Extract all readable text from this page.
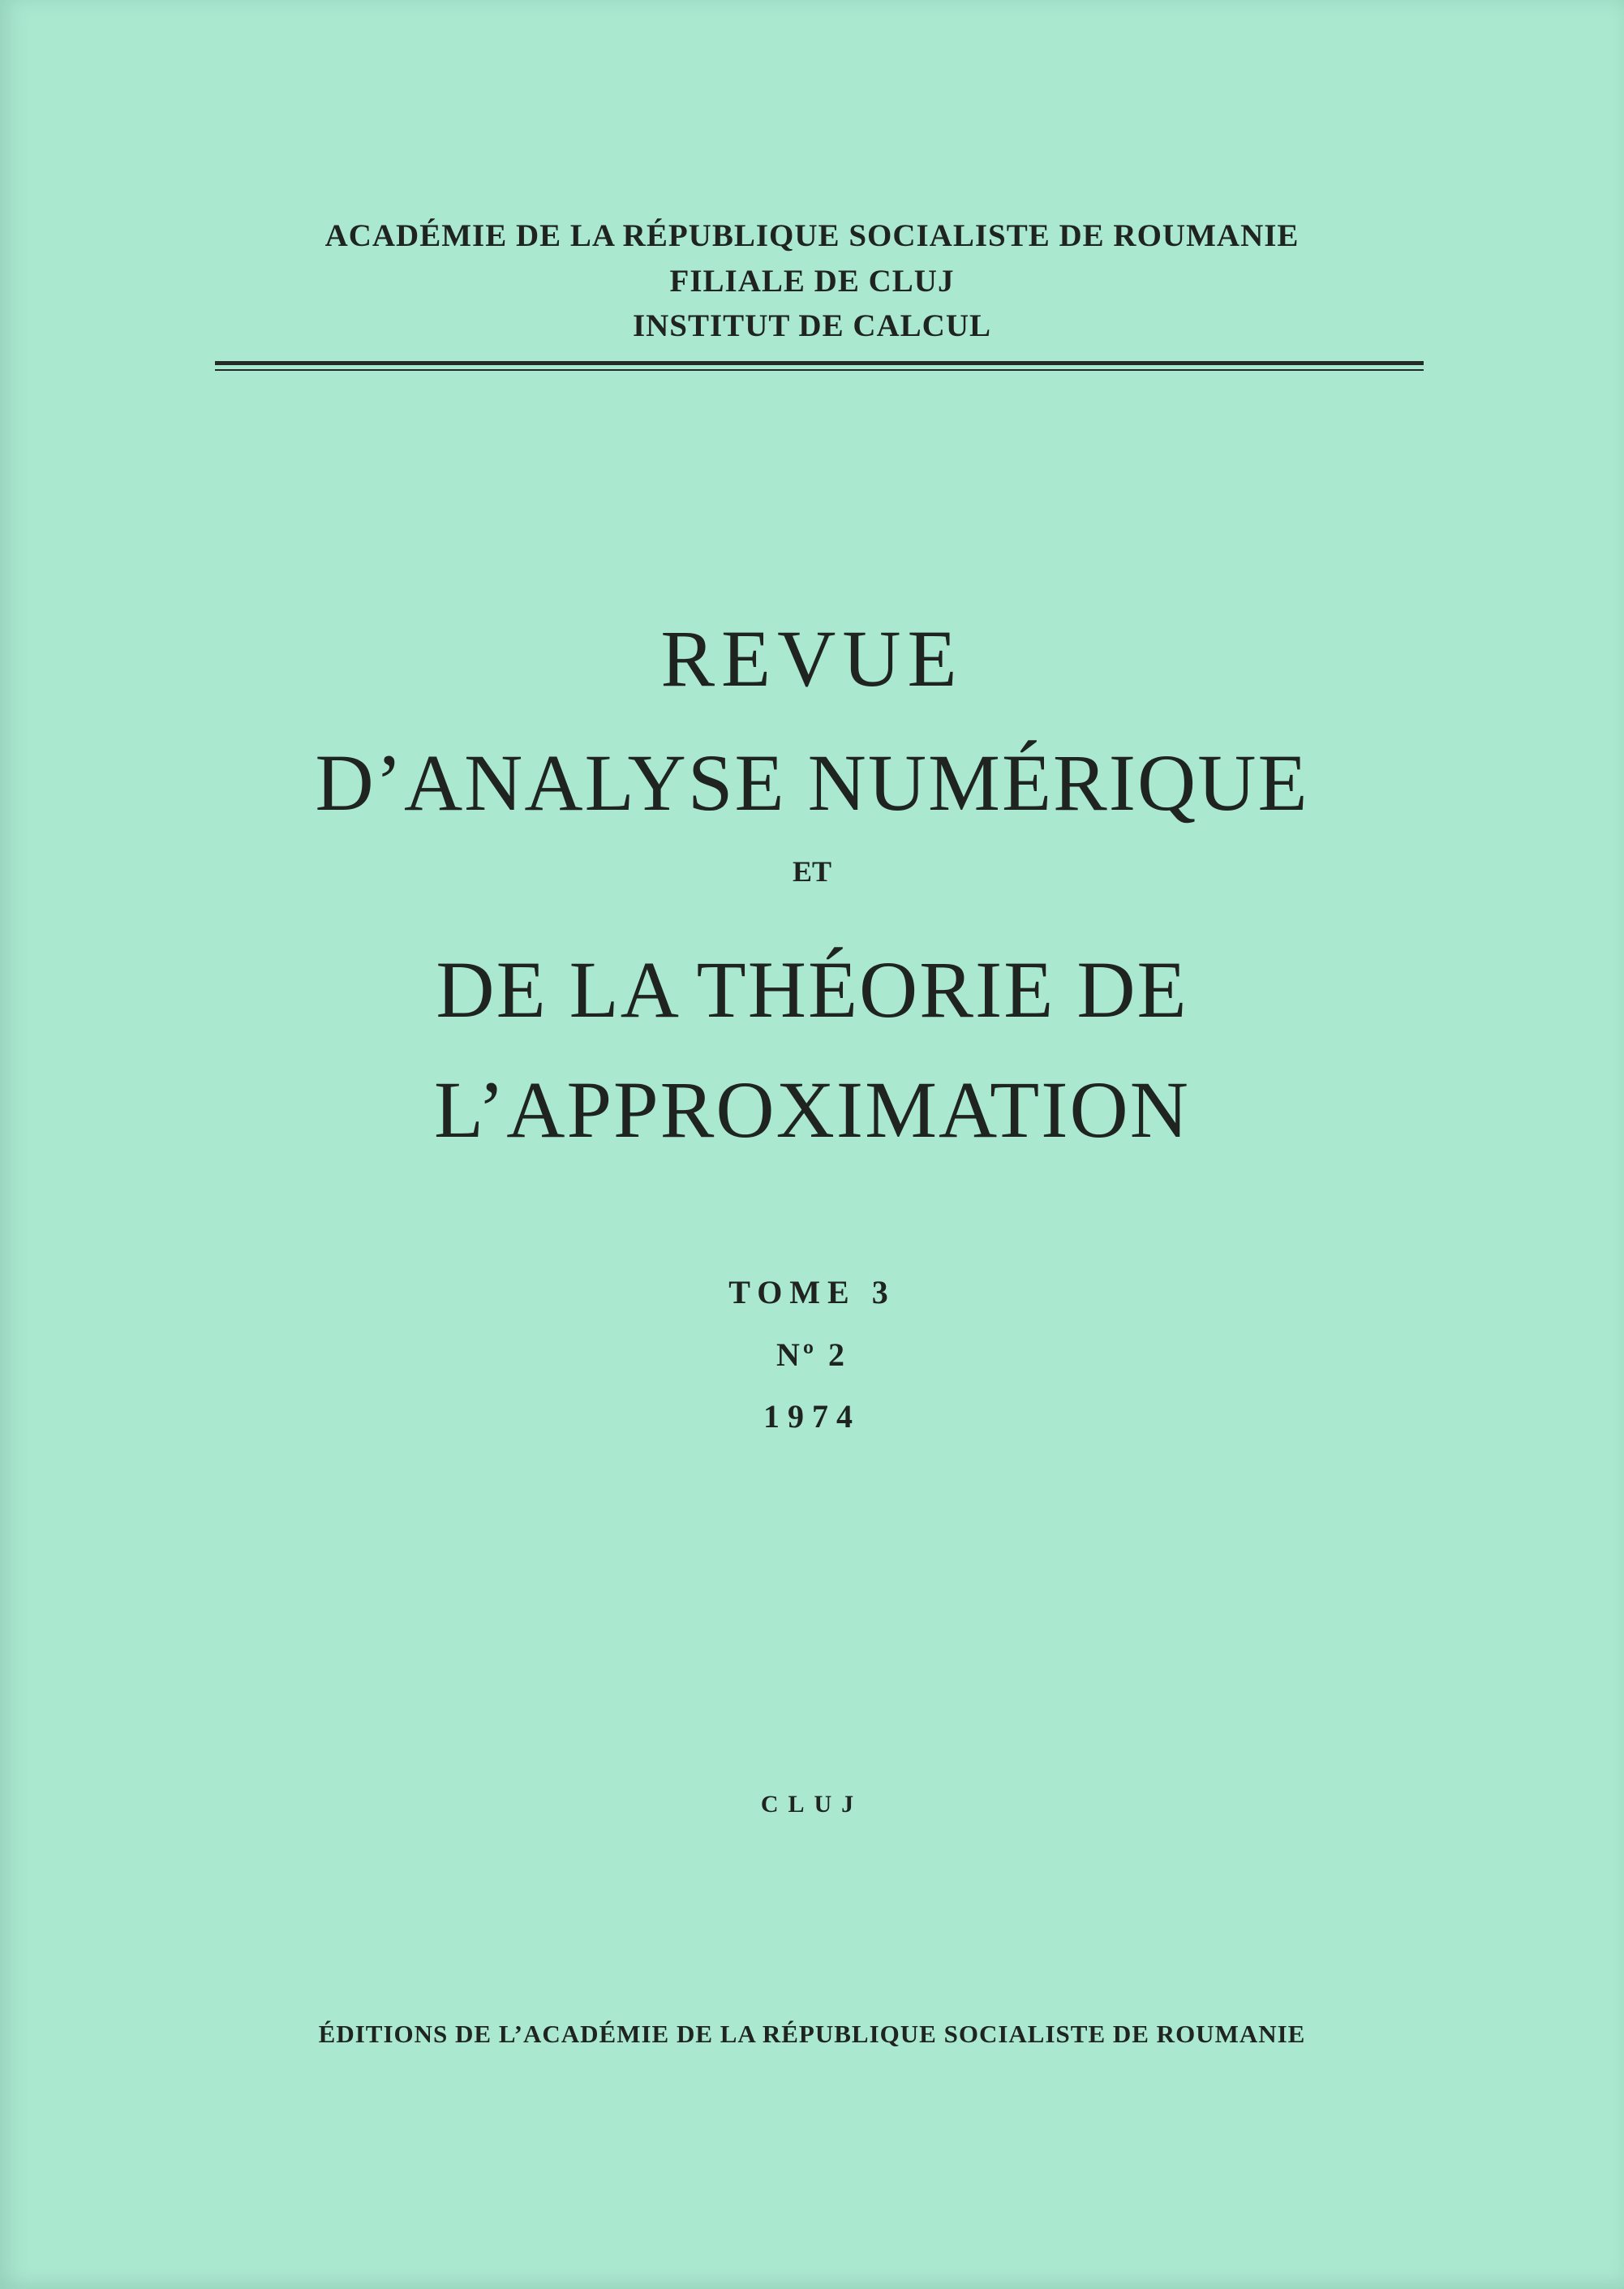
ACADÉMIE DE LA RÉPUBLIQUE SOCIALISTE DE ROUMANIE

FILIALE DE CLUJ

INSTITUT DE CALCUL

REVUE
D’ANALYSE NUMÉRIQUE

ET

DE LA THÉORIE DE
L’APPROXIMATION

TOME 3

Nº 2

1974

CLUJ

ÉDITIONS DE L’ACADÉMIE DE LA RÉPUBLIQUE SOCIALISTE DE ROUMANIE
